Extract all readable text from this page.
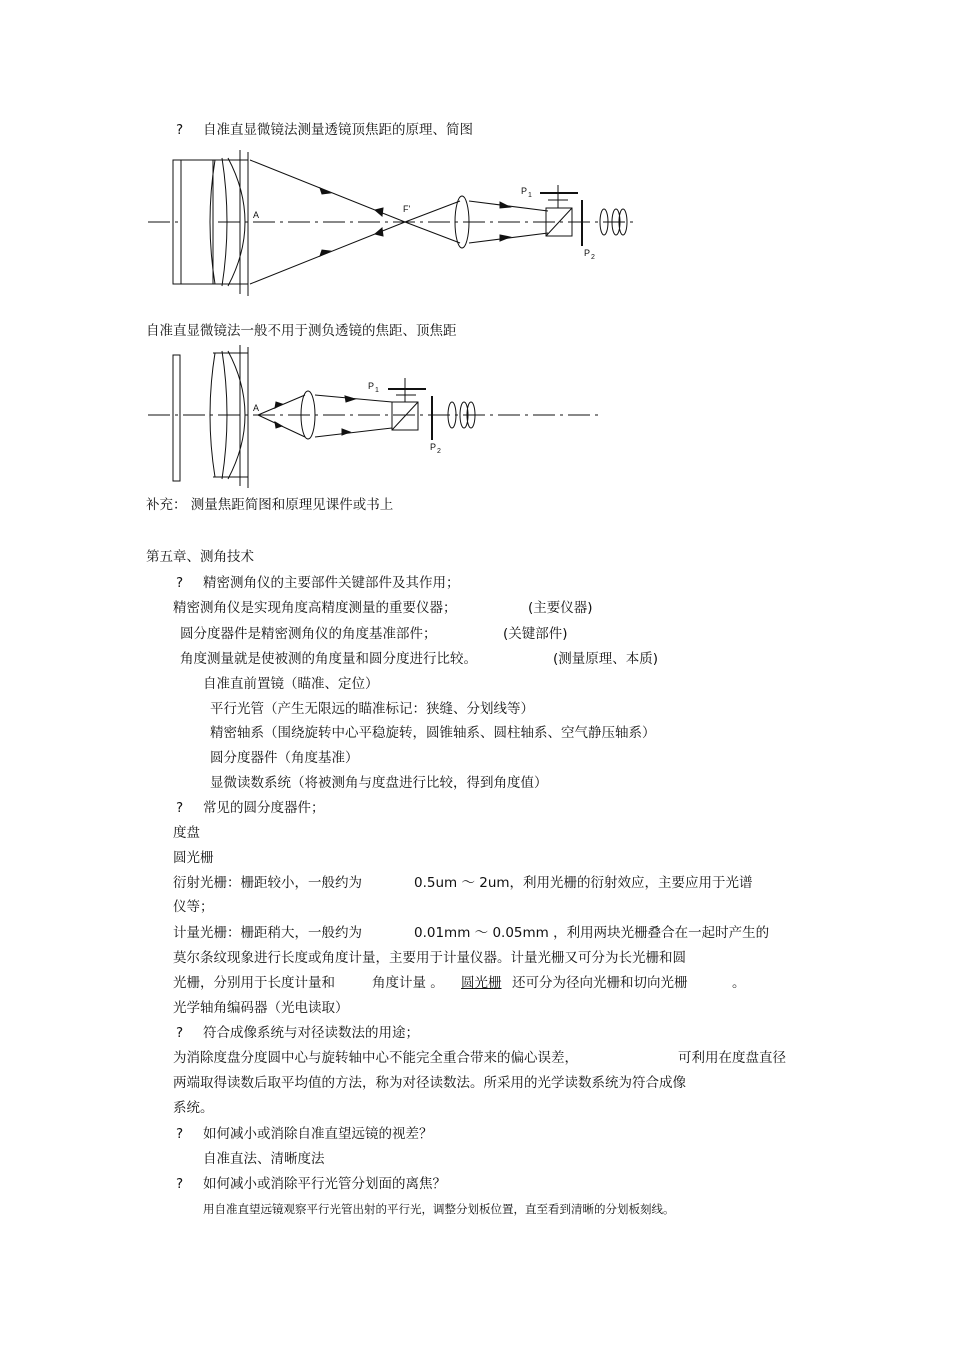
? 自准直显微镜法测量透镜顶焦距的原理、简图
A
F'
P 1
P 2
A
P 1
P 2
自准直显微镜法一般不用于测负透镜的焦距、顶焦距
补充： 测量焦距简图和原理见课件或书上
第五章、测角技术
? 精密测角仪的主要部件关键部件及其作用；
精密测角仪是实现角度高精度测量的重要仪器；	(主要仪器)
圆分度器件是精密测角仪的角度基准部件；	(关键部件)
角度测量就是使被测的角度量和圆分度进行比较。	(测量原理、本质)
自准直前置镜（瞄准、定位）
平行光管（产生无限远的瞄准标记：狭缝、分划线等）
精密轴系（围绕旋转中心平稳旋转，圆锥轴系、圆柱轴系、空气静压轴系）
圆分度器件（角度基准）
显微读数系统（将被测角与度盘进行比较，得到角度值）
? 常见的圆分度器件；
度盘
圆光栅
衍射光栅：栅距较小，一般约为	0.5um ～ 2um，利用光栅的衍射效应，主要应用于光谱
仪等；
计量光栅：栅距稍大，一般约为	0.01mm ～ 0.05mm ，利用两块光栅叠合在一起时产生的
莫尔条纹现象进行长度或角度计量，主要用于计量仪器。计量光栅又可分为长光栅和圆
光栅，分别用于长度计量和	角度计量 。 圆光栅 还可分为径向光栅和切向光栅	。
光学轴角编码器（光电读取）
? 符合成像系统与对径读数法的用途；
为消除度盘分度圆中心与旋转轴中心不能完全重合带来的偏心误差，	可利用在度盘直径
两端取得读数后取平均值的方法，称为对径读数法。所采用的光学读数系统为符合成像
系统。
? 如何减小或消除自准直望远镜的视差？
自准直法、清晰度法
? 如何减小或消除平行光管分划面的离焦？
用自准直望远镜观察平行光管出射的平行光，调整分划板位置，直至看到清晰的分划板刻线。
